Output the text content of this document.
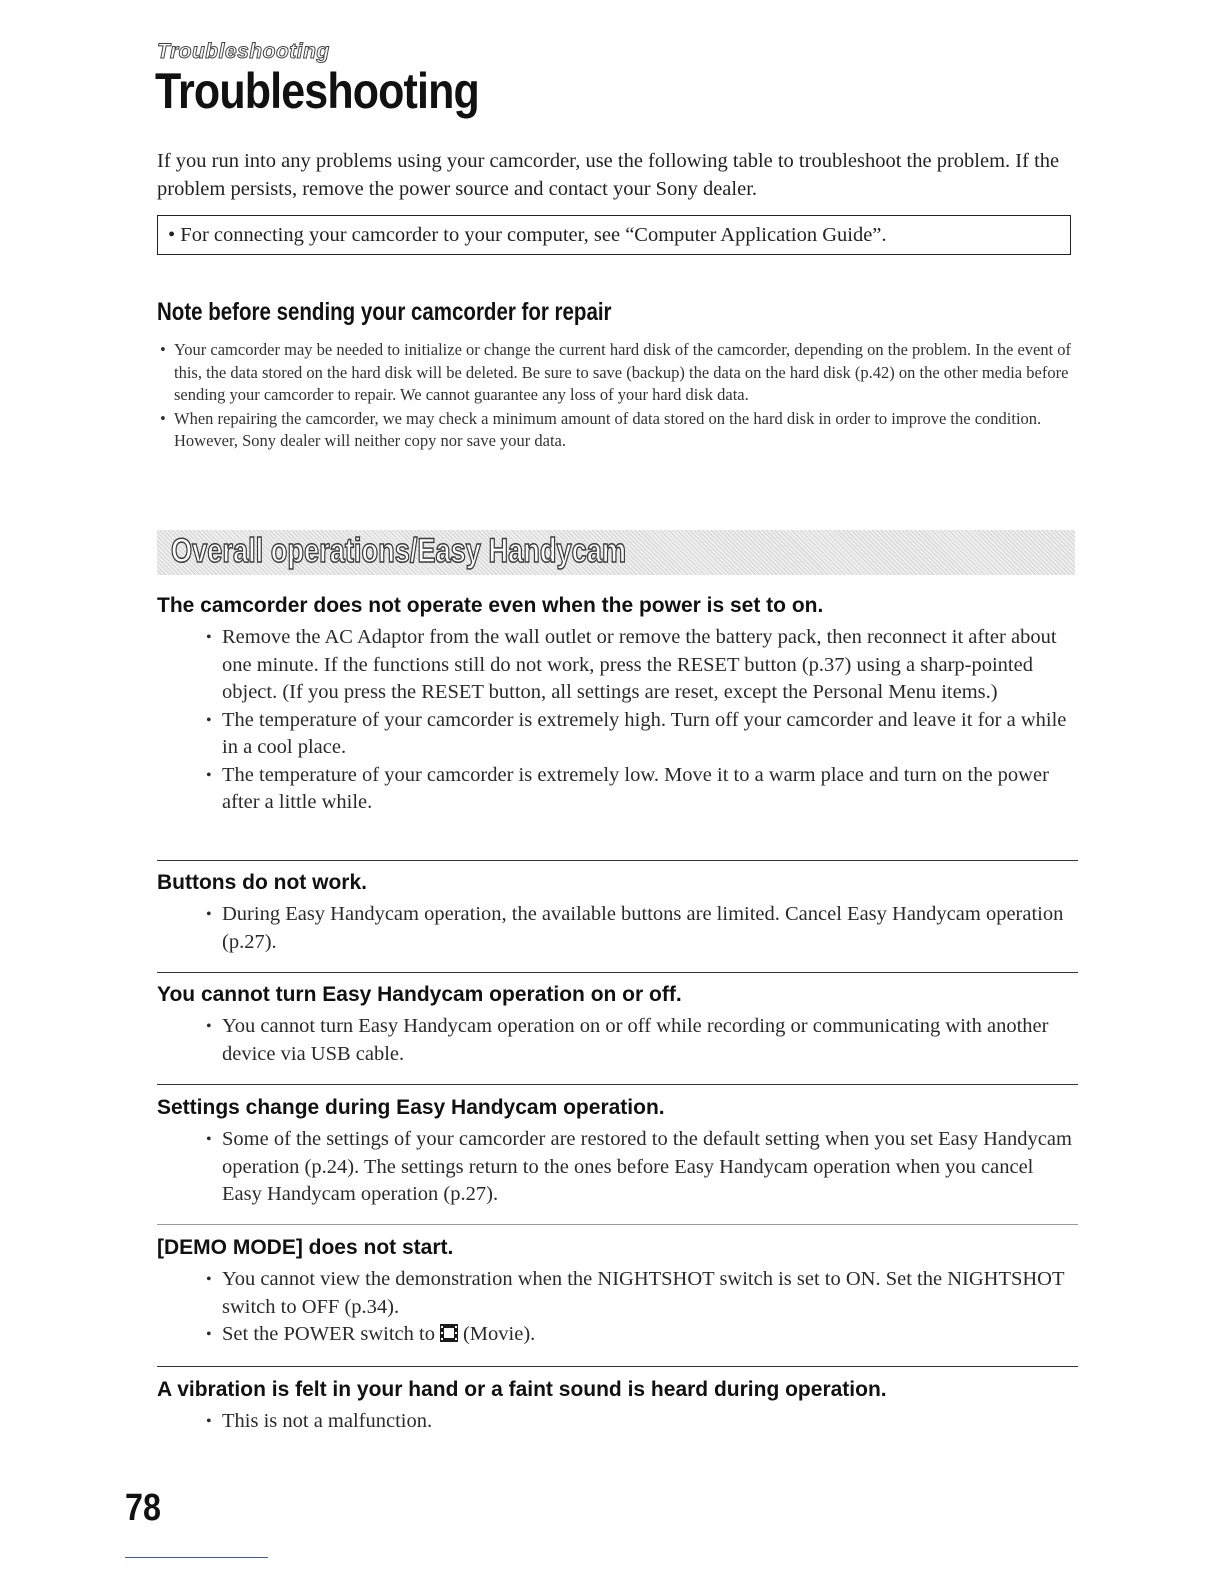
Troubleshooting
Troubleshooting

If you run into any problems using your camcorder, use the following table to troubleshoot the problem. If the problem persists, remove the power source and contact your Sony dealer.

• For connecting your camcorder to your computer, see “Computer Application Guide”.
Note before sending your camcorder for repair
• Your camcorder may be needed to initialize or change the current hard disk of the camcorder, depending on the problem. In the event of this, the data stored on the hard disk will be deleted. Be sure to save (backup) the data on the hard disk (p.42) on the other media before sending your camcorder to repair. We cannot guarantee any loss of your hard disk data.
• When repairing the camcorder, we may check a minimum amount of data stored on the hard disk in order to improve the condition. However, Sony dealer will neither copy nor save your data.
Overall operations/Easy Handycam
The camcorder does not operate even when the power is set to on.
• Remove the AC Adaptor from the wall outlet or remove the battery pack, then reconnect it after about one minute. If the functions still do not work, press the RESET button (p.37) using a sharp-pointed object. (If you press the RESET button, all settings are reset, except the Personal Menu items.)
• The temperature of your camcorder is extremely high. Turn off your camcorder and leave it for a while in a cool place.
• The temperature of your camcorder is extremely low. Move it to a warm place and turn on the power after a little while.
Buttons do not work.
• During Easy Handycam operation, the available buttons are limited. Cancel Easy Handycam operation (p.27).
You cannot turn Easy Handycam operation on or off.
• You cannot turn Easy Handycam operation on or off while recording or communicating with another device via USB cable.
Settings change during Easy Handycam operation.
• Some of the settings of your camcorder are restored to the default setting when you set Easy Handycam operation (p.24). The settings return to the ones before Easy Handycam operation when you cancel Easy Handycam operation (p.27).
[DEMO MODE] does not start.
• You cannot view the demonstration when the NIGHTSHOT switch is set to ON. Set the NIGHTSHOT switch to OFF (p.34).
• Set the POWER switch to (Movie).
A vibration is felt in your hand or a faint sound is heard during operation.
• This is not a malfunction.
78
